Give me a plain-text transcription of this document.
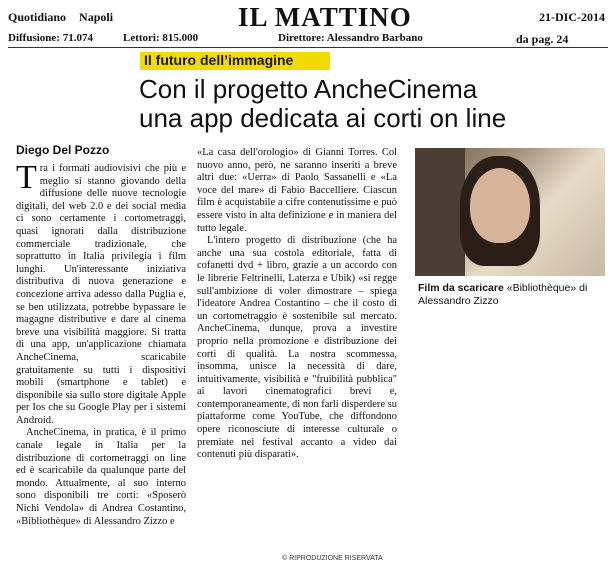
Quotidiano Napoli	IL MATTINO	21-DIC-2014
Diffusione: 71.074	Lettori: 815.000	Direttore: Alessandro Barbano	da pag. 24
Il futuro dell’immagine
Con il progetto AncheCinema
una app dedicata ai corti on line
Diego Del Pozzo

Tra i formati audiovisivi che più e meglio si stanno giovando della diffusione delle nuove tecnologie digitali, del web 2.0 e dei social media ci sono certamente i cortometraggi, quasi ignorati dalla distribuzione commerciale tradizionale, che soprattutto in Italia privilegia i film lunghi. Un'interessante iniziativa distributiva di nuova generazione e concezione arriva adesso dalla Puglia e, se ben utilizzata, potrebbe bypassare le magagne distributive e dare al cinema breve una visibilità maggiore. Si tratta di una app, un'applicazione chiamata AncheCinema, scaricabile gratuitamente su tutti i dispositivi mobili (smartphone e tablet) e disponibile sia sullo store digitale Apple per Ios che su Google Play per i sistemi Android.

AncheCinema, in pratica, è il primo canale legale in Italia per la distribuzione di cortometraggi on line ed è scaricabile da qualunque parte del mondo. Attualmente, al suo interno sono disponibili tre corti: «Sposerò Nichi Vendola» di Andrea Costantino, «Bibliothèque» di Alessandro Zizzo e

«La casa dell'orologio» di Gianni Torres. Col nuovo anno, però, ne saranno inseriti a breve altri due: «Uerra» di Paolo Sassanelli e «La voce del mare» di Fabio Baccelliere. Ciascun film è acquistabile a cifre contenutissime e può essere visto in alta definizione e in maniera del tutto legale.

L'intero progetto di distribuzione (che ha anche una sua costola editoriale, fatta di cofanetti dvd + libro, grazie a un accordo con le librerie Feltrinelli, Laterza e Ubik) «si regge sull'ambizione di voler dimostrare – spiega l'ideatore Andrea Costantino – che il costo di un cortometraggio è sostenibile sul mercato. AncheCinema, dunque, prova a investire proprio nella promozione e distribuzione dei corti di qualità. La nostra scommessa, insomma, unisce la necessità di dare, intuitivamente, visibilità e "fruibilità pubblica" ai lavori cinematografici brevi e, contemporaneamente, di non farli disperdere su piattaforme come YouTube, che diffondono opere riconosciute di interesse culturale o premiate nei festival accanto a video dai contenuti più disparati».

Film da scaricare «Bibliothèque» di Alessandro Zizzo
© RIPRODUZIONE RISERVATA
